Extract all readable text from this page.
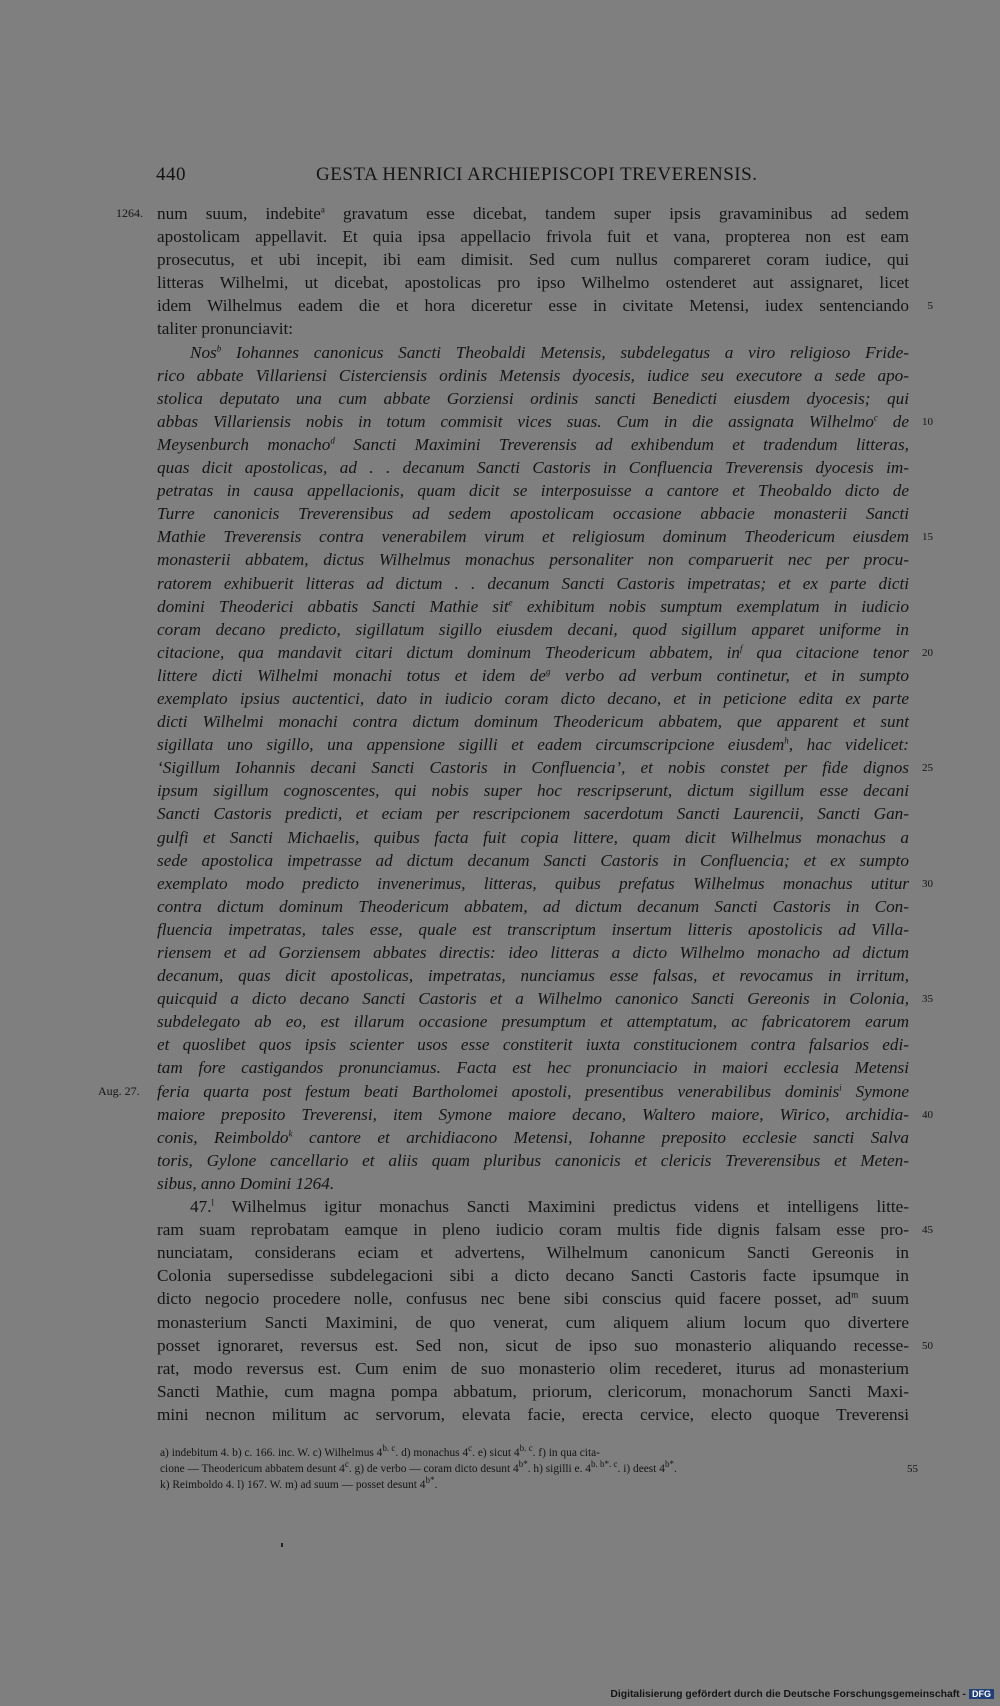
440	GESTA HENRICI ARCHIEPISCOPI TREVERENSIS.
1264.
Aug. 27.
num suum, indebite$^a$ gravatum esse dicebat, tandem super ipsis gravaminibus ad sedem
apostolicam appellavit. Et quia ipsa appellacio frivola fuit et vana, propterea non est eam
prosecutus, et ubi incepit, ibi eam dimisit. Sed cum nullus compareret coram iudice, qui
litteras Wilhelmi, ut dicebat, apostolicas pro ipso Wilhelmo ostenderet aut assignaret, licet
idem Wilhelmus eadem die et hora diceretur esse in civitate Metensi, iudex sentenciando 5
taliter pronunciavit:
Nos$^b$ Iohannes canonicus Sancti Theobaldi Metensis, subdelegatus a viro religioso Fride-
rico abbate Villariensi Cisterciensis ordinis Metensis dyocesis, iudice seu executore a sede apo-
stolica deputato una cum abbate Gorziensi ordinis sancti Benedicti eiusdem dyocesis; qui
abbas Villariensis nobis in totum commisit vices suas. Cum in die assignata Wilhelmo$^c$ de 10
Meysenburch monacho$^d$ Sancti Maximini Treverensis ad exhibendum et tradendum litteras,
quas dicit apostolicas, ad . . decanum Sancti Castoris in Confluencia Treverensis dyocesis im-
petratas in causa appellacionis, quam dicit se interposuisse a cantore et Theobaldo dicto de
Turre canonicis Treverensibus ad sedem apostolicam occasione abbacie monasterii Sancti
Mathie Treverensis contra venerabilem virum et religiosum dominum Theodericum eiusdem 15
monasterii abbatem, dictus Wilhelmus monachus personaliter non comparuerit nec per procu-
ratorem exhibuerit litteras ad dictum . . decanum Sancti Castoris impetratas; et ex parte dicti
domini Theoderici abbatis Sancti Mathie sit$^e$ exhibitum nobis sumptum exemplatum in iudicio
coram decano predicto, sigillatum sigillo eiusdem decani, quod sigillum apparet uniforme in
citacione, qua mandavit citari dictum dominum Theodericum abbatem, $in^f$ qua citacione tenor 20
littere dicti Wilhelmi monachi totus et idem $de^g$ verbo ad verbum continetur, et in sumpto
exemplato ipsius auctentici, dato in iudicio coram dicto decano, et in peticione edita ex parte
dicti Wilhelmi monachi contra dictum dominum Theodericum abbatem, que apparent et sunt
sigillata uno sigillo, una appensione sigilli et eadem circumscripcione eiusdem$^h$, hac videlicet:
‘Sigillum Iohannis decani Sancti Castoris in Confluencia’, et nobis constet per fide dignos 25
ipsum sigillum cognoscentes, qui nobis super hoc rescripserunt, dictum sigillum esse decani
Sancti Castoris predicti, et eciam per rescripcionem sacerdotum Sancti Laurencii, Sancti Gan-
gulfi et Sancti Michaelis, quibus facta fuit copia littere, quam dicit Wilhelmus monachus a
sede apostolica impetrasse ad dictum decanum Sancti Castoris in Confluencia; et ex sumpto
exemplato modo predicto invenerimus, litteras, quibus prefatus Wilhelmus monachus utitur 30
contra dictum dominum Theodericum abbatem, ad dictum decanum Sancti Castoris in Con-
fluencia impetratas, tales esse, quale est transcriptum insertum litteris apostolicis ad Villa-
riensem et ad Gorziensem abbates directis: ideo litteras a dicto Wilhelmo monacho ad dictum
decanum, quas dicit apostolicas, impetratas, nunciamus esse falsas, et revocamus in irritum,
quicquid a dicto decano Sancti Castoris et a Wilhelmo canonico Sancti Gereonis in Colonia, 35
subdelegato ab eo, est illarum occasione presumptum et attemptatum, ac fabricatorem earum
et quoslibet quos ipsis scienter usos esse constiterit iuxta constitucionem contra falsarios edi-
tam fore castigandos pronunciamus. Facta est hec pronunciacio in maiori ecclesia Metensi
feria quarta post festum beati Bartholomei apostoli, presentibus venerabilibus dominis$^i$ Symone
maiore preposito Treverensi, item Symone maiore decano, Waltero maiore, Wirico, archidia- 40
conis, Reimboldo$^k$ cantore et archidiacono Metensi, Iohanne preposito ecclesie sancti Salva
toris, Gylone cancellario et aliis quam pluribus canonicis et clericis Treverensibus et Meten-
sibus, anno Domini 1264.
47.$^l$ Wilhelmus igitur monachus Sancti Maximini predictus videns et intelligens litte-
ram suam reprobatam eamque in pleno iudicio coram multis fide dignis falsam esse pro- 45
nunciatam, considerans eciam et advertens, Wilhelmum canonicum Sancti Gereonis in
Colonia supersedisse subdelegacioni sibi a dicto decano Sancti Castoris facte ipsumque in
dicto negocio procedere nolle, confusus nec bene sibi conscius quid facere posset, $ad^m$ suum
monasterium Sancti Maximini, de quo venerat, cum aliquem alium locum quo divertere
posset ignoraret, reversus est. Sed non, sicut de ipso suo monasterio aliquando recesse- 50
rat, modo reversus est. Cum enim de suo monasterio olim recederet, iturus ad monasterium
Sancti Mathie, cum magna pompa abbatum, priorum, clericorum, monachorum Sancti Maxi-
mini necnon militum ac servorum, elevata facie, erecta cervice, electo quoque Treverensi
a) indebitum 4. b) c. 166. inc. W. c) Wilhelmus $4^{b. c}$. d) monachus 4$^c$. e) sicut $4^{b. c}$. f) in qua cita-
cione — Theodericum abbatem desunt 4$^c$. g) de verbo — coram dicto desunt $4^{b*}$. h) sigilli e. $4^{b. b*. c}$. i) deest $4^{b*}$.
k) Reimboldo 4. l) 167. W. m) ad suum — posset desunt $4^{b*}$.
55
Digitalisierung gefördert durch die Deutsche Forschungsgemeinschaft - DFG
